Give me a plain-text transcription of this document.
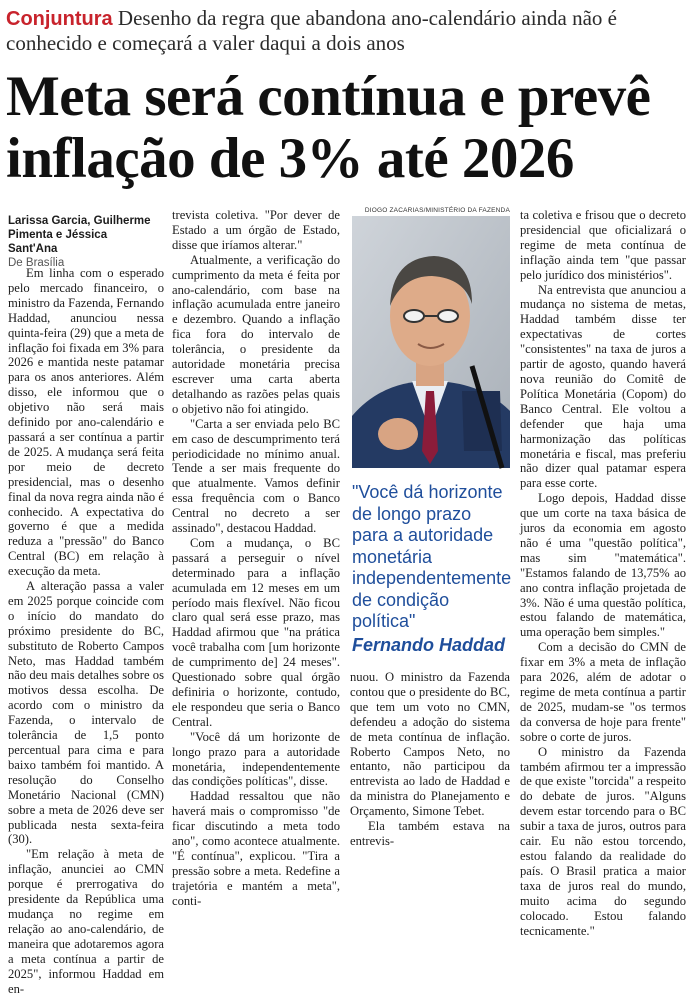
Conjuntura Desenho da regra que abandona ano-calendário ainda não é conhecido e começará a valer daqui a dois anos
Meta será contínua e prevê inflação de 3% até 2026
Larissa Garcia, Guilherme Pimenta e Jéssica Sant'Ana
De Brasília

Em linha com o esperado pelo mercado financeiro, o ministro da Fazenda, Fernando Haddad, anunciou nessa quinta-feira (29) que a meta de inflação foi fixada em 3% para 2026 e mantida neste patamar para os anos anteriores. Além disso, ele informou que o objetivo não será mais definido por ano-calendário e passará a ser contínua a partir de 2025. A mudança será feita por meio de decreto presidencial, mas o desenho final da nova regra ainda não é conhecido. A expectativa do governo é que a medida reduza a "pressão" do Banco Central (BC) em relação à execução da meta.

A alteração passa a valer em 2025 porque coincide com o início do mandato do próximo presidente do BC, substituto de Roberto Campos Neto, mas Haddad também não deu mais detalhes sobre os motivos dessa escolha. De acordo com o ministro da Fazenda, o intervalo de tolerância de 1,5 ponto percentual para cima e para baixo também foi mantido. A resolução do Conselho Monetário Nacional (CMN) sobre a meta de 2026 deve ser publicada nesta sexta-feira (30).

"Em relação à meta de inflação, anunciei ao CMN porque é prerrogativa do presidente da República uma mudança no regime em relação ao ano-calendário, de maneira que adotaremos agora a meta contínua a partir de 2025", informou Haddad em en-

trevista coletiva. "Por dever de Estado a um órgão de Estado, disse que iríamos alterar."

Atualmente, a verificação do cumprimento da meta é feita por ano-calendário, com base na inflação acumulada entre janeiro e dezembro. Quando a inflação fica fora do intervalo de tolerância, o presidente da autoridade monetária precisa escrever uma carta aberta detalhando as razões pelas quais o objetivo não foi atingido.

"Carta a ser enviada pelo BC em caso de descumprimento terá periodicidade no mínimo anual. Tende a ser mais frequente do que atualmente. Vamos definir essa frequência com o Banco Central no decreto a ser assinado", destacou Haddad.

Com a mudança, o BC passará a perseguir o nível determinado para a inflação acumulada em 12 meses em um período mais flexível. Não ficou claro qual será esse prazo, mas Haddad afirmou que "na prática você trabalha com [um horizonte de cumprimento de] 24 meses". Questionado sobre qual órgão definiria o horizonte, contudo, ele respondeu que seria o Banco Central.

"Você dá um horizonte de longo prazo para a autoridade monetária, independentemente das condições políticas", disse.

Haddad ressaltou que não haverá mais o compromisso "de ficar discutindo a meta todo ano", como acontece atualmente. "É contínua", explicou. "Tira a pressão sobre a meta. Redefine a trajetória e mantém a meta", conti-

DIOGO ZACARIAS/MINISTÉRIO DA FAZENDA
"Você dá horizonte de longo prazo para a autoridade monetária independentemente de condição política"
Fernando Haddad

nuou. O ministro da Fazenda contou que o presidente do BC, que tem um voto no CMN, defendeu a adoção do sistema de meta contínua de inflação. Roberto Campos Neto, no entanto, não participou da entrevista ao lado de Haddad e da ministra do Planejamento e Orçamento, Simone Tebet.

Ela também estava na entrevis-

ta coletiva e frisou que o decreto presidencial que oficializará o regime de meta contínua de inflação ainda tem "que passar pelo jurídico dos ministérios".

Na entrevista que anunciou a mudança no sistema de metas, Haddad também disse ter expectativas de cortes "consistentes" na taxa de juros a partir de agosto, quando haverá nova reunião do Comitê de Política Monetária (Copom) do Banco Central. Ele voltou a defender que haja uma harmonização das políticas monetária e fiscal, mas preferiu não dizer qual patamar espera para esse corte.

Logo depois, Haddad disse que um corte na taxa básica de juros da economia em agosto não é uma "questão política", mas sim "matemática". "Estamos falando de 13,75% ao ano contra inflação projetada de 3%. Não é uma questão política, estou falando de matemática, uma operação bem simples."

Com a decisão do CMN de fixar em 3% a meta de inflação para 2026, além de adotar o regime de meta contínua a partir de 2025, mudam-se "os termos da conversa de hoje para frente" sobre o corte de juros.

O ministro da Fazenda também afirmou ter a impressão de que existe "torcida" a respeito do debate de juros. "Alguns devem estar torcendo para o BC subir a taxa de juros, outros para cair. Eu não estou torcendo, estou falando da realidade do país. O Brasil pratica a maior taxa de juros real do mundo, muito acima do segundo colocado. Estou falando tecnicamente."
